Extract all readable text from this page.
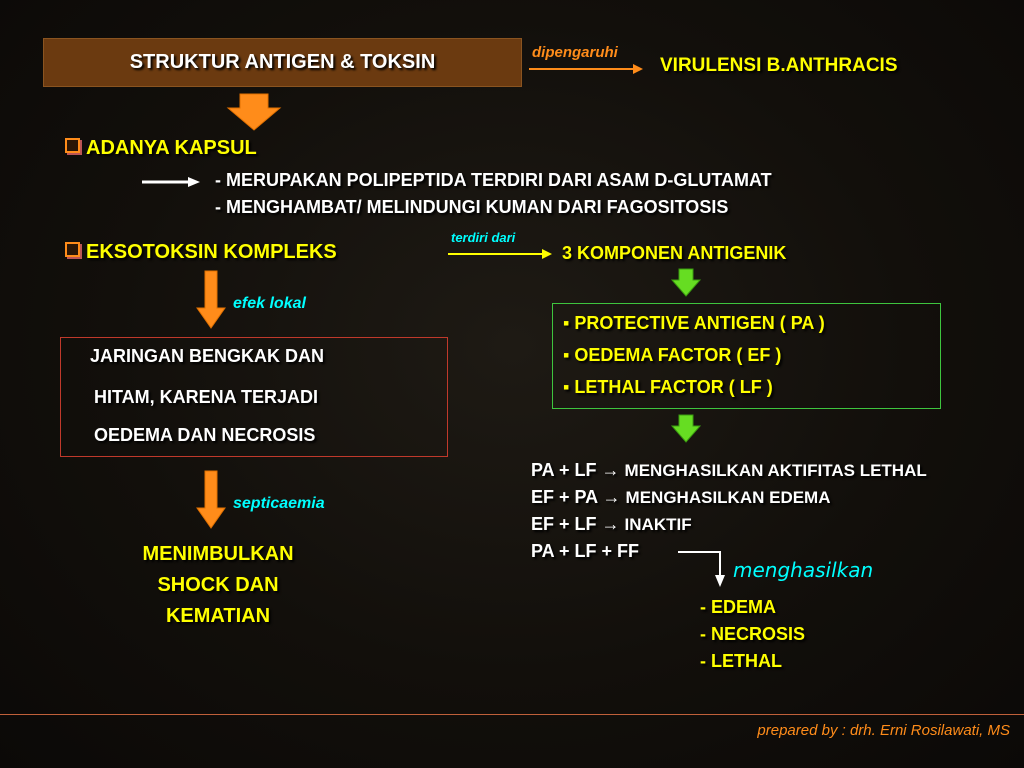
STRUKTUR ANTIGEN & TOKSIN	dipengaruhi
VIRULENSI B.ANTHRACIS
ADANYA KAPSUL
- MERUPAKAN POLIPEPTIDA TERDIRI DARI ASAM D-GLUTAMAT
- MENGHAMBAT/ MELINDUNGI KUMAN DARI FAGOSITOSIS
EKSOTOKSIN KOMPLEKS
terdiri dari
3 KOMPONEN ANTIGENIK
efek lokal
JARINGAN BENGKAK DAN
HITAM, KARENA TERJADI
OEDEMA DAN NECROSIS
septicaemia
MENIMBULKAN
SHOCK DAN
KEMATIAN
▪ PROTECTIVE ANTIGEN ( PA )
▪ OEDEMA FACTOR ( EF )
▪ LETHAL FACTOR ( LF )
PA + LF → MENGHASILKAN AKTIFITAS LETHAL
EF + PA → MENGHASILKAN EDEMA
EF + LF → INAKTIF
PA + LF + FF
menghasilkan
- EDEMA
- NECROSIS
- LETHAL
prepared by : drh. Erni Rosilawati, MS
